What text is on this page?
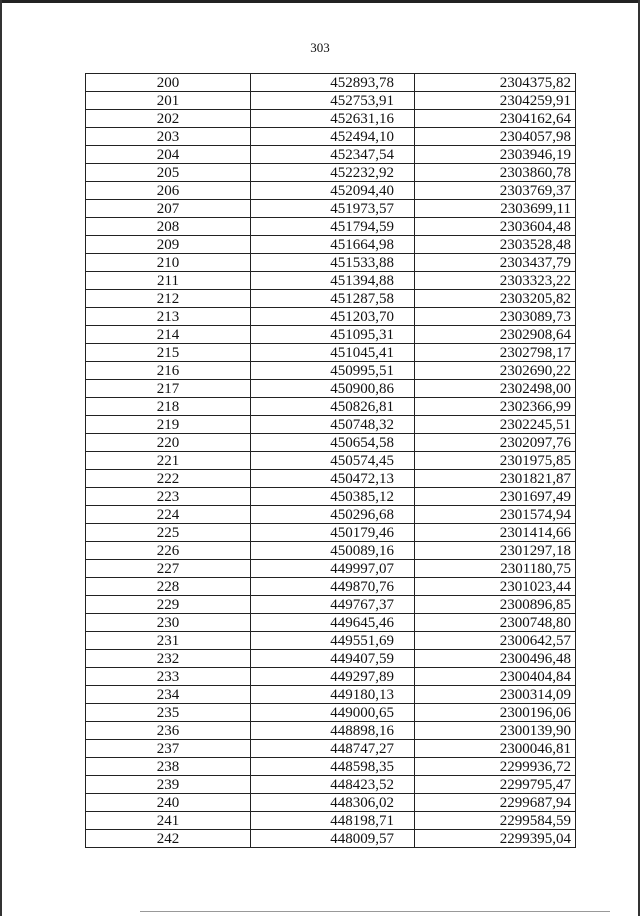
303
200	452893,78	2304375,82
201	452753,91	2304259,91
202	452631,16	2304162,64
203	452494,10	2304057,98
204	452347,54	2303946,19
205	452232,92	2303860,78
206	452094,40	2303769,37
207	451973,57	2303699,11
208	451794,59	2303604,48
209	451664,98	2303528,48
210	451533,88	2303437,79
211	451394,88	2303323,22
212	451287,58	2303205,82
213	451203,70	2303089,73
214	451095,31	2302908,64
215	451045,41	2302798,17
216	450995,51	2302690,22
217	450900,86	2302498,00
218	450826,81	2302366,99
219	450748,32	2302245,51
220	450654,58	2302097,76
221	450574,45	2301975,85
222	450472,13	2301821,87
223	450385,12	2301697,49
224	450296,68	2301574,94
225	450179,46	2301414,66
226	450089,16	2301297,18
227	449997,07	2301180,75
228	449870,76	2301023,44
229	449767,37	2300896,85
230	449645,46	2300748,80
231	449551,69	2300642,57
232	449407,59	2300496,48
233	449297,89	2300404,84
234	449180,13	2300314,09
235	449000,65	2300196,06
236	448898,16	2300139,90
237	448747,27	2300046,81
238	448598,35	2299936,72
239	448423,52	2299795,47
240	448306,02	2299687,94
241	448198,71	2299584,59
242	448009,57	2299395,04
